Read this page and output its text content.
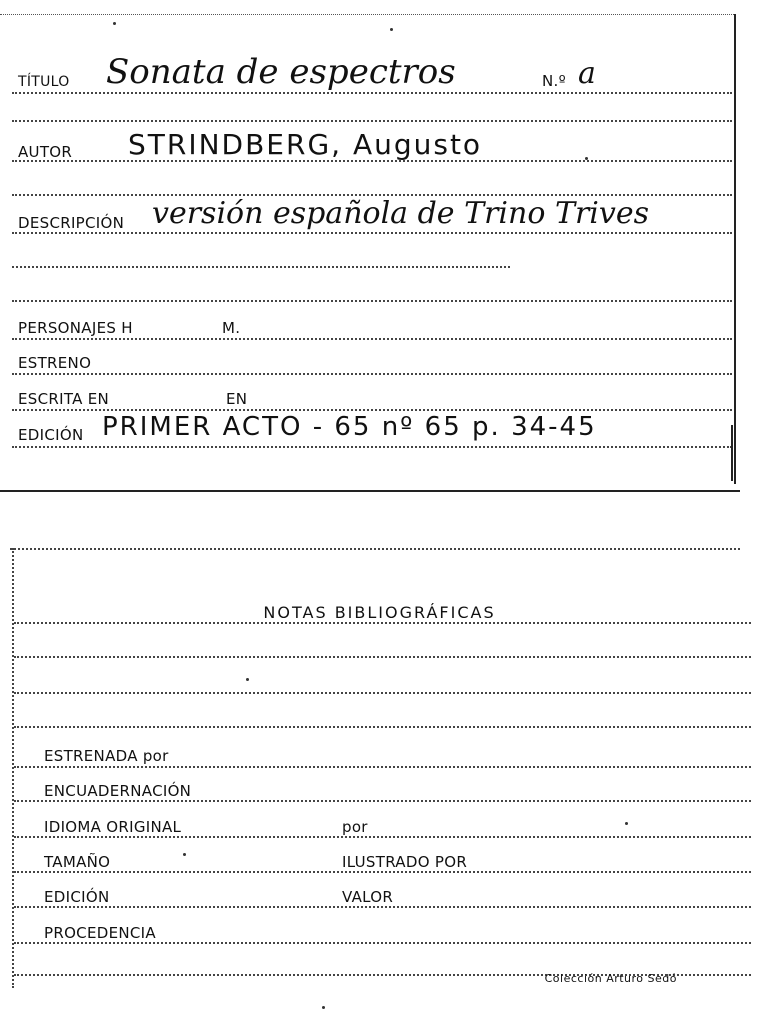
TÍTULO Sonata de espectros	N.º a
AUTOR STRINDBERG, Augusto
DESCRIPCIÓN versión española de Trino Trives
PERSONAJES H	M.
ESTRENO
ESCRITA EN	EN
EDICIÓN PRIMER ACTO - 65 nº 65 p. 34-45
NOTAS BIBLIOGRÁFICAS
ESTRENADA por
ENCUADERNACIÓN
IDIOMA ORIGINAL	por
TAMAÑO	ILUSTRADO POR
EDICIÓN	VALOR
PROCEDENCIA
Colección Arturo Sedó
